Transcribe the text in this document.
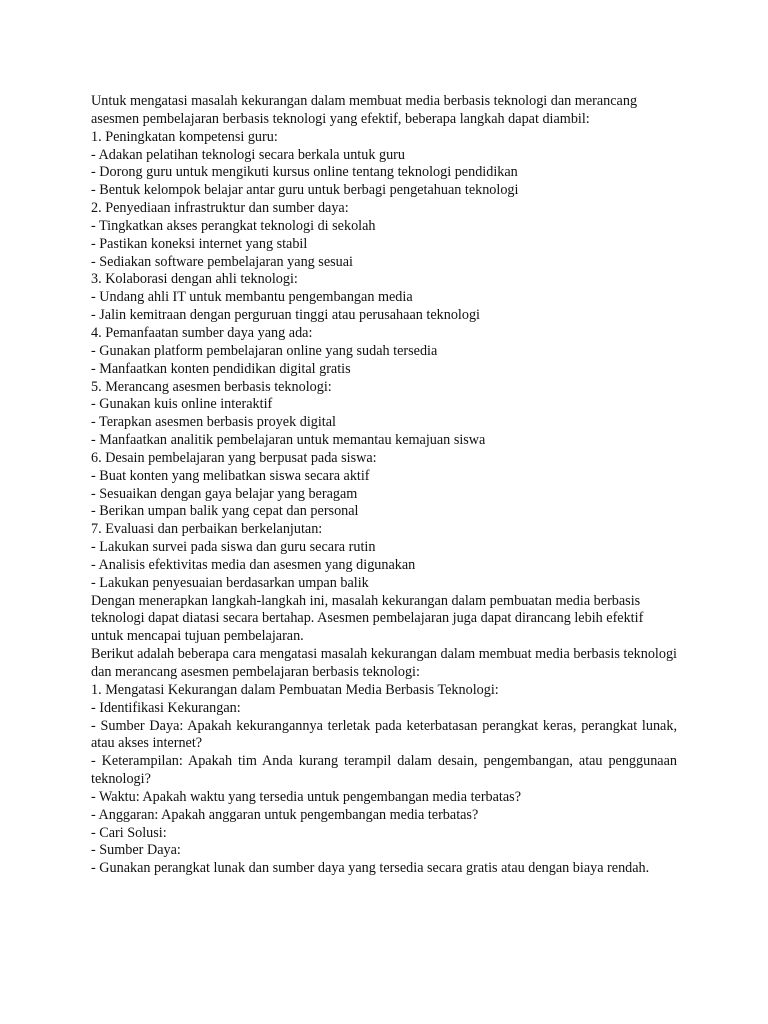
Untuk mengatasi masalah kekurangan dalam membuat media berbasis teknologi dan merancang asesmen pembelajaran berbasis teknologi yang efektif, beberapa langkah dapat diambil:
1. Peningkatan kompetensi guru:
- Adakan pelatihan teknologi secara berkala untuk guru
- Dorong guru untuk mengikuti kursus online tentang teknologi pendidikan
- Bentuk kelompok belajar antar guru untuk berbagi pengetahuan teknologi
2. Penyediaan infrastruktur dan sumber daya:
- Tingkatkan akses perangkat teknologi di sekolah
- Pastikan koneksi internet yang stabil
- Sediakan software pembelajaran yang sesuai
3. Kolaborasi dengan ahli teknologi:
- Undang ahli IT untuk membantu pengembangan media
- Jalin kemitraan dengan perguruan tinggi atau perusahaan teknologi
4. Pemanfaatan sumber daya yang ada:
- Gunakan platform pembelajaran online yang sudah tersedia
- Manfaatkan konten pendidikan digital gratis
5. Merancang asesmen berbasis teknologi:
- Gunakan kuis online interaktif
- Terapkan asesmen berbasis proyek digital
- Manfaatkan analitik pembelajaran untuk memantau kemajuan siswa
6. Desain pembelajaran yang berpusat pada siswa:
- Buat konten yang melibatkan siswa secara aktif
- Sesuaikan dengan gaya belajar yang beragam
- Berikan umpan balik yang cepat dan personal
7. Evaluasi dan perbaikan berkelanjutan:
- Lakukan survei pada siswa dan guru secara rutin
- Analisis efektivitas media dan asesmen yang digunakan
- Lakukan penyesuaian berdasarkan umpan balik
Dengan menerapkan langkah-langkah ini, masalah kekurangan dalam pembuatan media berbasis teknologi dapat diatasi secara bertahap. Asesmen pembelajaran juga dapat dirancang lebih efektif untuk mencapai tujuan pembelajaran.
Berikut adalah beberapa cara mengatasi masalah kekurangan dalam membuat media berbasis teknologi dan merancang asesmen pembelajaran berbasis teknologi:
1. Mengatasi Kekurangan dalam Pembuatan Media Berbasis Teknologi:
- Identifikasi Kekurangan:
- Sumber Daya: Apakah kekurangannya terletak pada keterbatasan perangkat keras, perangkat lunak, atau akses internet?
- Keterampilan: Apakah tim Anda kurang terampil dalam desain, pengembangan, atau penggunaan teknologi?
- Waktu: Apakah waktu yang tersedia untuk pengembangan media terbatas?
- Anggaran: Apakah anggaran untuk pengembangan media terbatas?
- Cari Solusi:
- Sumber Daya:
- Gunakan perangkat lunak dan sumber daya yang tersedia secara gratis atau dengan biaya rendah.
